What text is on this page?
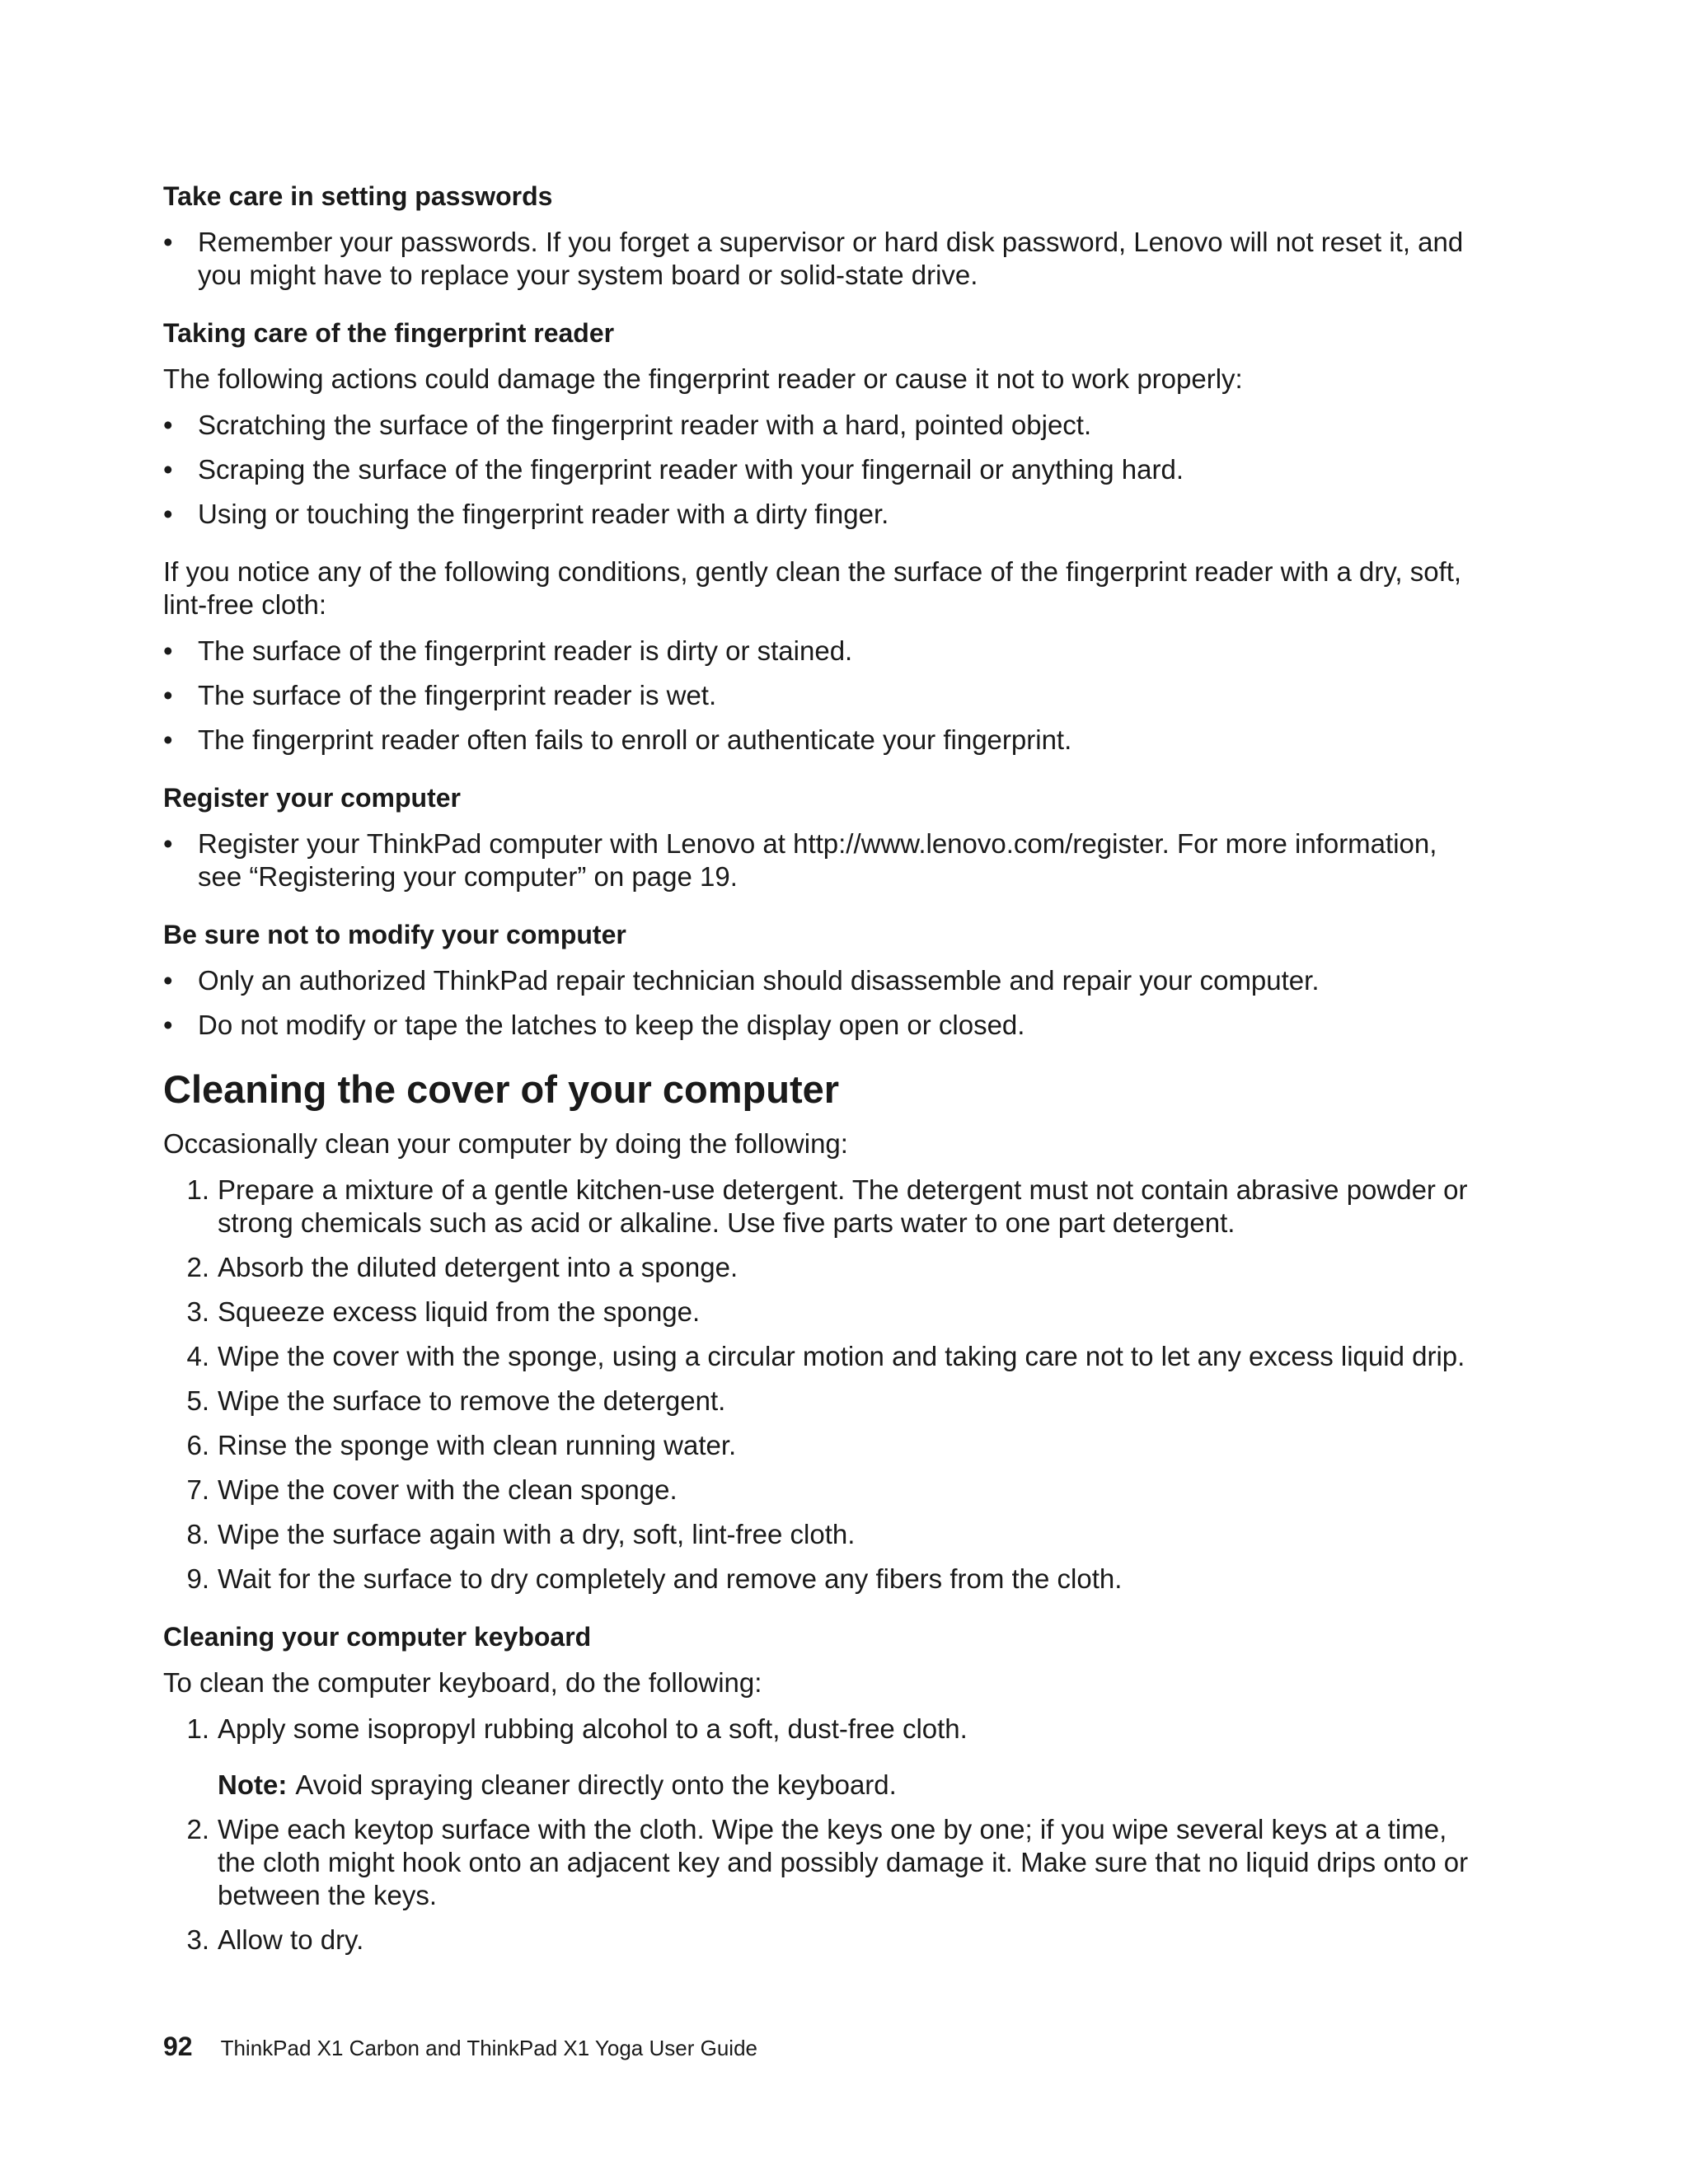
Take care in setting passwords
• Remember your passwords. If you forget a supervisor or hard disk password, Lenovo will not reset it, and you might have to replace your system board or solid-state drive.
Taking care of the fingerprint reader
The following actions could damage the fingerprint reader or cause it not to work properly:
• Scratching the surface of the fingerprint reader with a hard, pointed object.
• Scraping the surface of the fingerprint reader with your fingernail or anything hard.
• Using or touching the fingerprint reader with a dirty finger.
If you notice any of the following conditions, gently clean the surface of the fingerprint reader with a dry, soft, lint-free cloth:
• The surface of the fingerprint reader is dirty or stained.
• The surface of the fingerprint reader is wet.
• The fingerprint reader often fails to enroll or authenticate your fingerprint.
Register your computer
• Register your ThinkPad computer with Lenovo at http://www.lenovo.com/register. For more information, see “Registering your computer” on page 19.
Be sure not to modify your computer
• Only an authorized ThinkPad repair technician should disassemble and repair your computer.
• Do not modify or tape the latches to keep the display open or closed.
Cleaning the cover of your computer
Occasionally clean your computer by doing the following:
1. Prepare a mixture of a gentle kitchen-use detergent. The detergent must not contain abrasive powder or strong chemicals such as acid or alkaline. Use five parts water to one part detergent.
2. Absorb the diluted detergent into a sponge.
3. Squeeze excess liquid from the sponge.
4. Wipe the cover with the sponge, using a circular motion and taking care not to let any excess liquid drip.
5. Wipe the surface to remove the detergent.
6. Rinse the sponge with clean running water.
7. Wipe the cover with the clean sponge.
8. Wipe the surface again with a dry, soft, lint-free cloth.
9. Wait for the surface to dry completely and remove any fibers from the cloth.
Cleaning your computer keyboard
To clean the computer keyboard, do the following:
1. Apply some isopropyl rubbing alcohol to a soft, dust-free cloth.
Note: Avoid spraying cleaner directly onto the keyboard.
2. Wipe each keytop surface with the cloth. Wipe the keys one by one; if you wipe several keys at a time, the cloth might hook onto an adjacent key and possibly damage it. Make sure that no liquid drips onto or between the keys.
3. Allow to dry.
92 ThinkPad X1 Carbon and ThinkPad X1 Yoga User Guide
